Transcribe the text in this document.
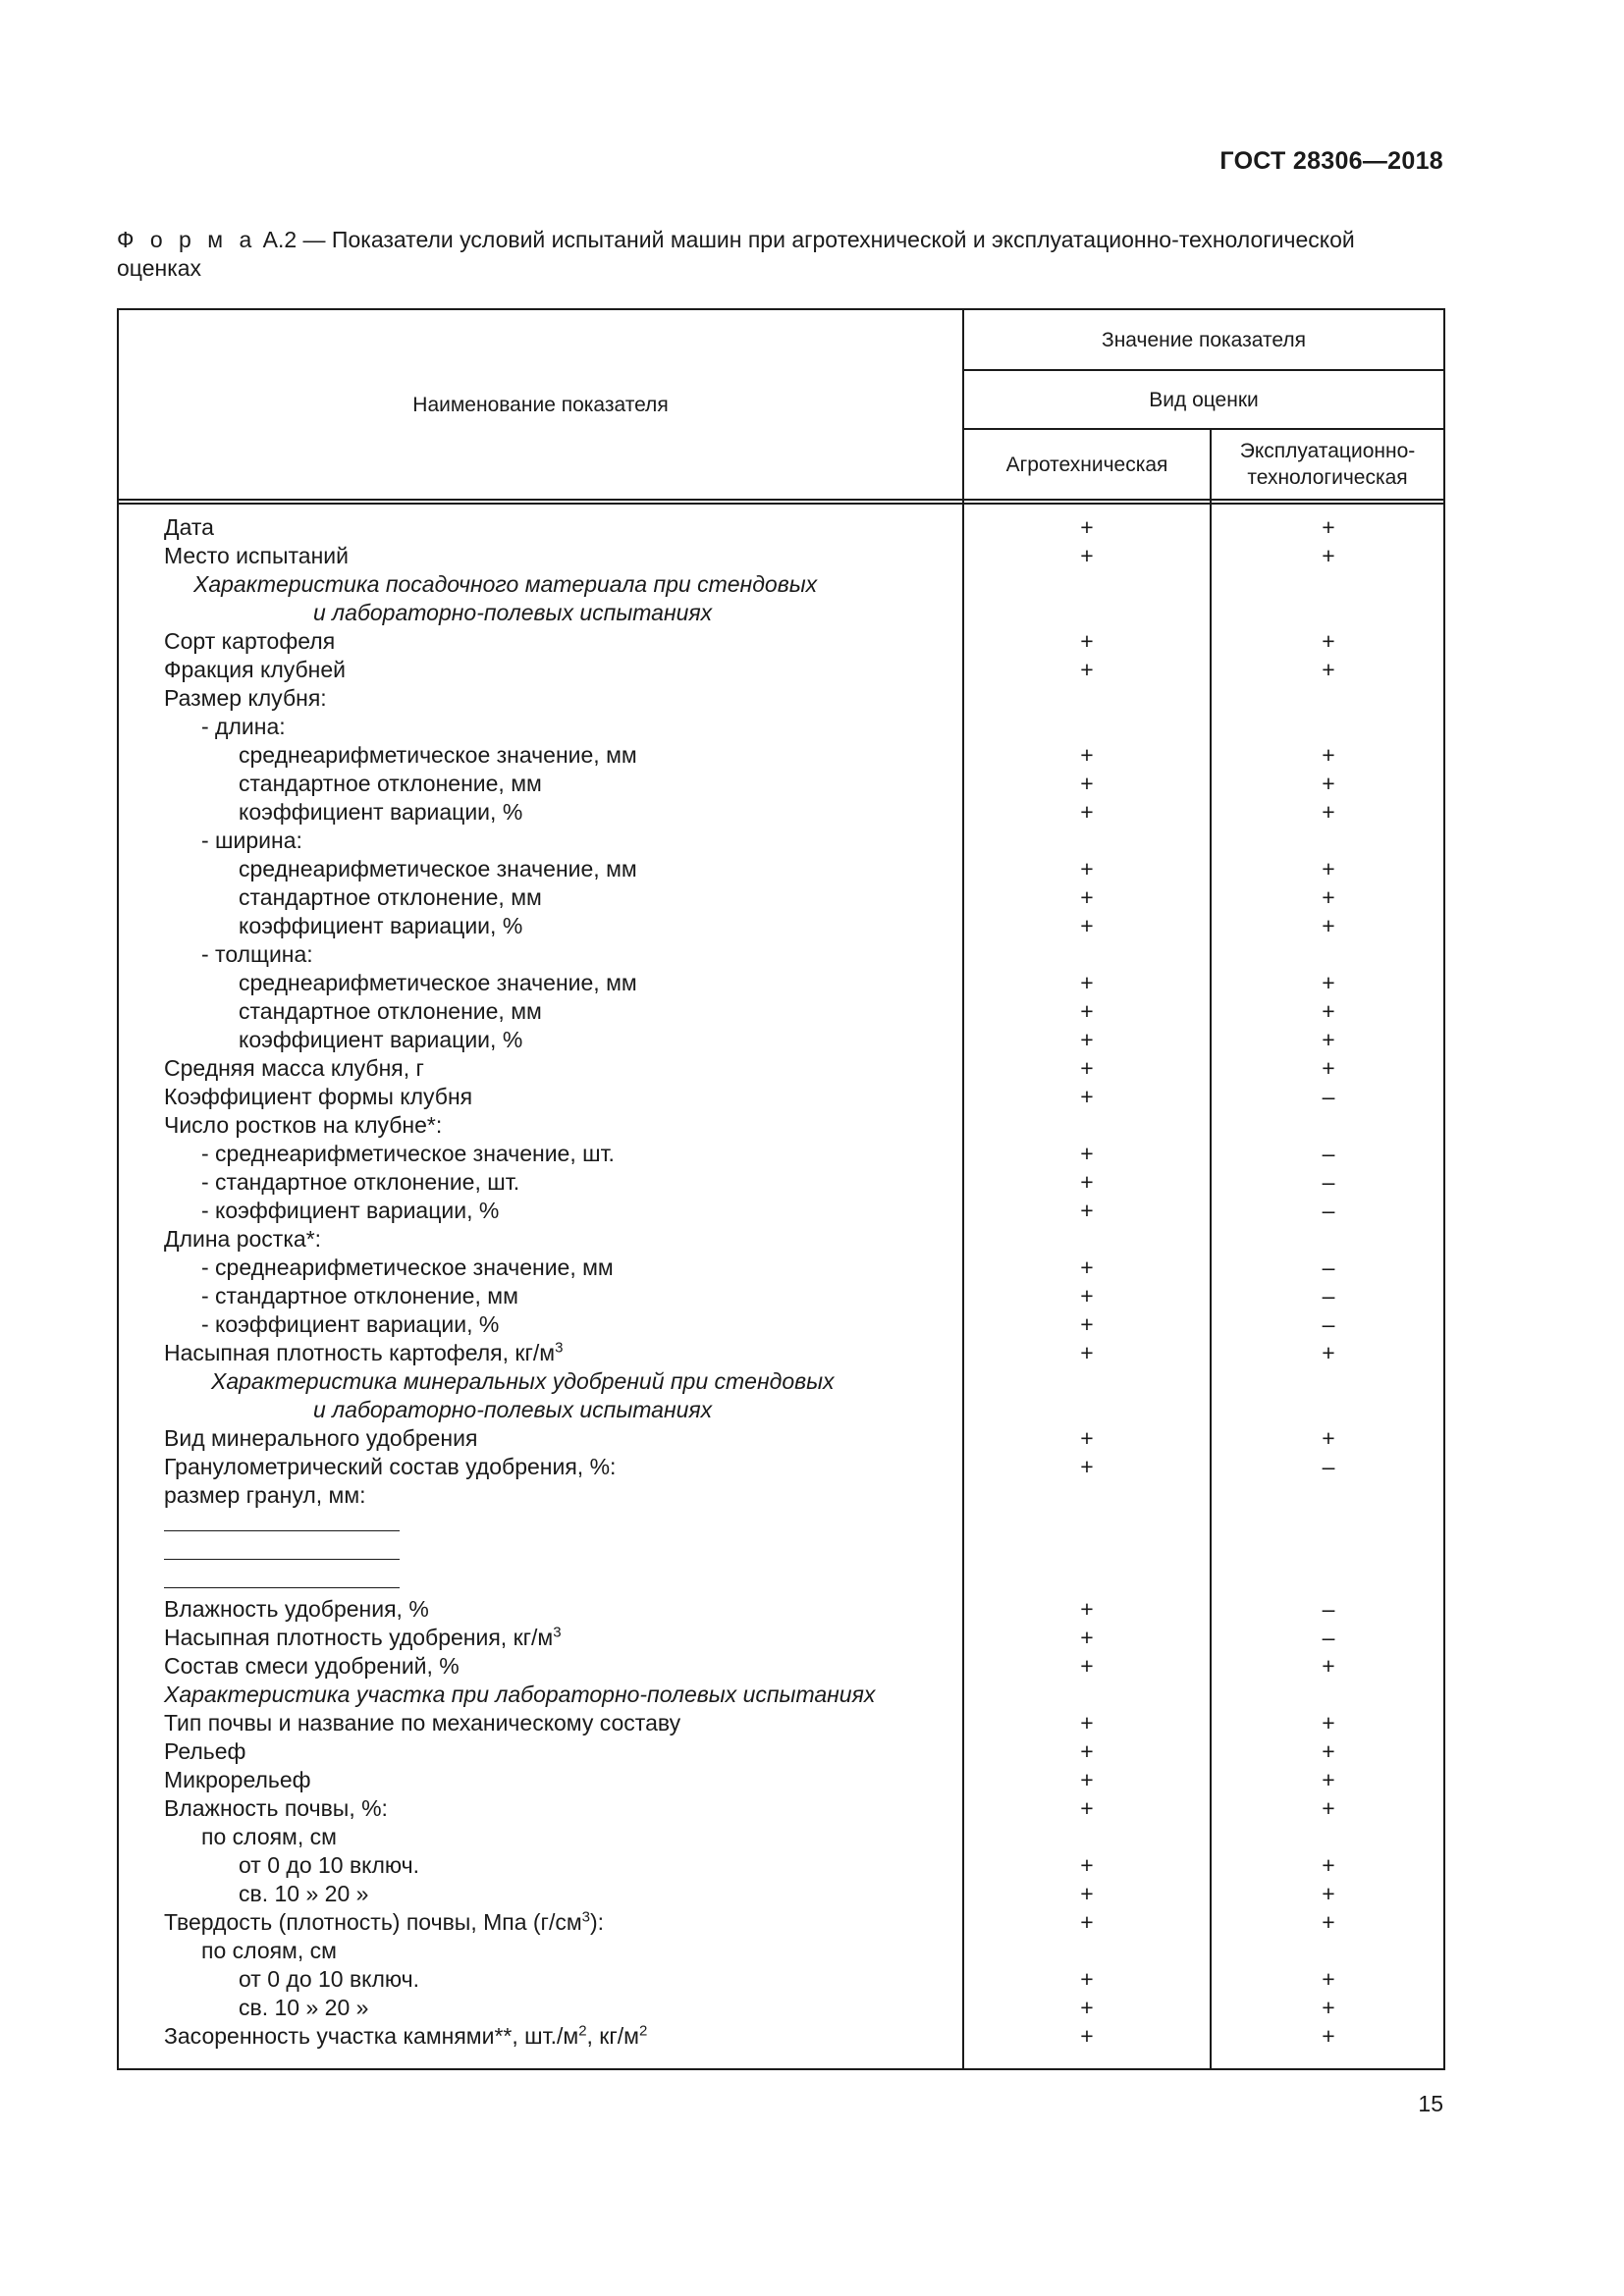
ГОСТ 28306—2018
Ф о р м а А.2 — Показатели условий испытаний машин при агротехнической и эксплуатационно-технологической оценках
Наименование показателя
Значение показателя
Вид оценки
Агротехническая
Эксплуатационно-технологическая
Дата	+	+
Место испытаний	+	+
Характеристика посадочного материала при стендовых
и лабораторно-полевых испытаниях
Сорт картофеля	+	+
Фракция клубней	+	+
Размер клубня:
- длина:
среднеарифметическое значение, мм	+	+
стандартное отклонение, мм	+	+
коэффициент вариации, %	+	+
- ширина:
среднеарифметическое значение, мм	+	+
стандартное отклонение, мм	+	+
коэффициент вариации, %	+	+
- толщина:
среднеарифметическое значение, мм	+	+
стандартное отклонение, мм	+	+
коэффициент вариации, %	+	+
Средняя масса клубня, г	+	+
Коэффициент формы клубня	+	–
Число ростков на клубне*:
- среднеарифметическое значение, шт.	+	–
- стандартное отклонение, шт.	+	–
- коэффициент вариации, %	+	–
Длина ростка*:
- среднеарифметическое значение, мм	+	–
- стандартное отклонение, мм	+	–
- коэффициент вариации, %	+	–
Насыпная плотность картофеля, $кг/м^3$	+	+
Характеристика минеральных удобрений при стендовых
и лабораторно-полевых испытаниях
Вид минерального удобрения	+	+
Гранулометрический состав удобрения, %:	+	–
размер гранул, мм:
Влажность удобрения, %	+	–
Насыпная плотность удобрения, $кг/м^3$	+	–
Состав смеси удобрений, %	+	+
Характеристика участка при лабораторно-полевых испытаниях
Тип почвы и название по механическому составу	+	+
Рельеф	+	+
Микрорельеф	+	+
Влажность почвы, %:	+	+
по слоям, см
от 0 до 10 включ.	+	+
св. 10 » 20 »	+	+
Твердость (плотность) почвы, Мпа $(г/см^3)$:	+	+
по слоям, см
от 0 до 10 включ.	+	+
св. 10 » 20 »	+	+
Засоренность участка камнями**, $шт./м^2$, $кг/м^2$	+	+
15
